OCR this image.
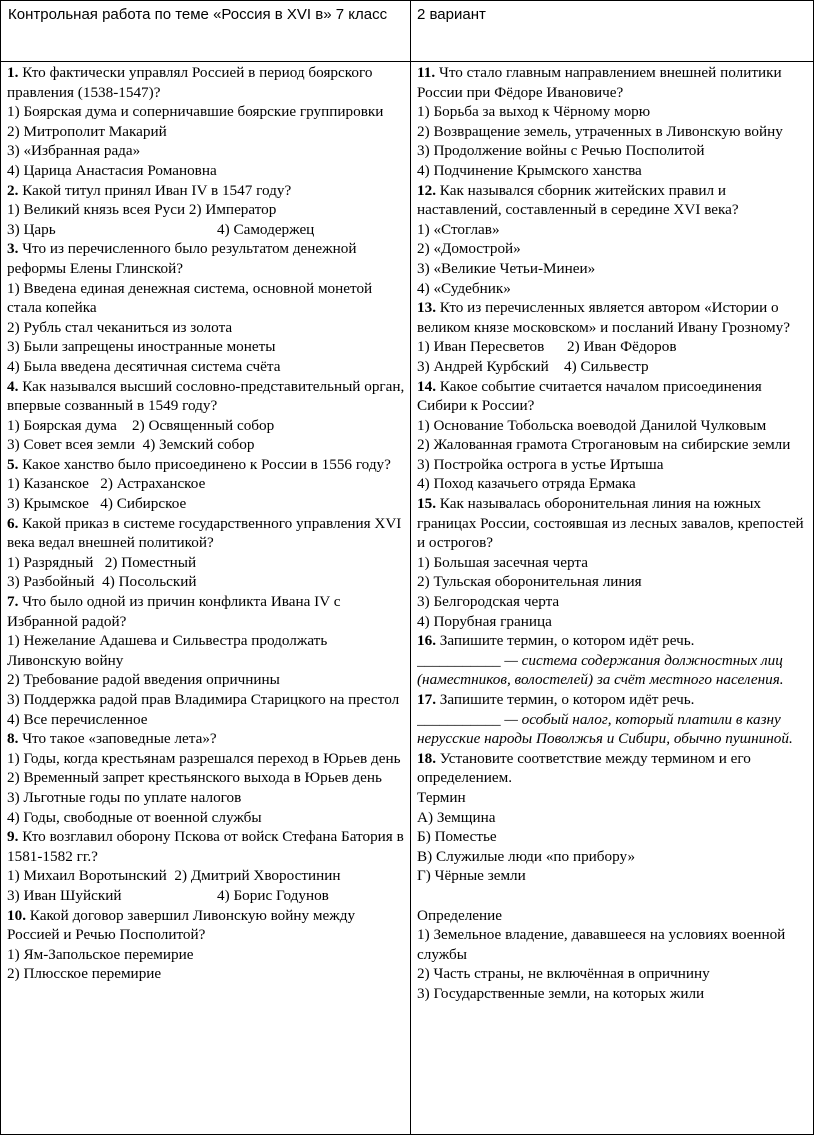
Контрольная работа по теме «Россия в XVI в» 7 класс	2 вариант
1. Кто фактически управлял Россией в период боярского правления (1538-1547)?
1) Боярская дума и соперничавшие боярские группировки
2) Митрополит Макарий
3) «Избранная рада»
4) Царица Анастасия Романовна
2. Какой титул принял Иван IV в 1547 году?
1) Великий князь всея Руси 2) Император
3) Царь	4) Самодержец
3. Что из перечисленного было результатом денежной реформы Елены Глинской?
1) Введена единая денежная система, основной монетой стала копейка
2) Рубль стал чеканиться из золота
3) Были запрещены иностранные монеты
4) Была введена десятичная система счёта
4. Как назывался высший сословно-представительный орган, впервые созванный в 1549 году?
1) Боярская дума    2) Освященный собор
3) Совет всея земли  4) Земский собор
5. Какое ханство было присоединено к России в 1556 году?
1) Казанское   2) Астраханское
3) Крымское   4) Сибирское
6. Какой приказ в системе государственного управления XVI века ведал внешней политикой?
1) Разрядный   2) Поместный
3) Разбойный  4) Посольский
7. Что было одной из причин конфликта Ивана IV с Избранной радой?
1) Нежелание Адашева и Сильвестра продолжать Ливонскую войну
2) Требование радой введения опричнины
3) Поддержка радой прав Владимира Старицкого на престол
4) Все перечисленное
8. Что такое «заповедные лета»?
1) Годы, когда крестьянам разрешался переход в Юрьев день
2) Временный запрет крестьянского выхода в Юрьев день
3) Льготные годы по уплате налогов
4) Годы, свободные от военной службы
9. Кто возглавил оборону Пскова от войск Стефана Батория в 1581-1582 гг.?
1) Михаил Воротынский  2) Дмитрий Хворостинин
3) Иван Шуйский	4) Борис Годунов
10. Какой договор завершил Ливонскую войну между Россией и Речью Посполитой?
1) Ям-Запольское перемирие
2) Плюсское перемирие
11. Что стало главным направлением внешней политики России при Фёдоре Ивановиче?
1) Борьба за выход к Чёрному морю
2) Возвращение земель, утраченных в Ливонскую войну
3) Продолжение войны с Речью Посполитой
4) Подчинение Крымского ханства
12. Как назывался сборник житейских правил и наставлений, составленный в середине XVI века?
1) «Стоглав»
2) «Домострой»
3) «Великие Четьи-Минеи»
4) «Судебник»
13. Кто из перечисленных является автором «Истории о великом князе московском» и посланий Ивану Грозному?
1) Иван Пересветов      2) Иван Фёдоров
3) Андрей Курбский    4) Сильвестр
14. Какое событие считается началом присоединения Сибири к России?
1) Основание Тобольска воеводой Данилой Чулковым
2) Жалованная грамота Строгановым на сибирские земли
3) Постройка острога в устье Иртыша
4) Поход казачьего отряда Ермака
15. Как называлась оборонительная линия на южных границах России, состоявшая из лесных завалов, крепостей и острогов?
1) Большая засечная черта
2) Тульская оборонительная линия
3) Белгородская черта
4) Порубная граница
16. Запишите термин, о котором идёт речь.
___________ — система содержания должностных лиц (наместников, волостелей) за счёт местного населения.
17. Запишите термин, о котором идёт речь.
___________ — особый налог, который платили в казну нерусские народы Поволжья и Сибири, обычно пушниной.
18. Установите соответствие между термином и его определением.
Термин
А) Земщина
Б) Поместье
В) Служилые люди «по прибору»
Г) Чёрные земли
Определение
1) Земельное владение, дававшееся на условиях военной службы
2) Часть страны, не включённая в опричнину
3) Государственные земли, на которых жили
